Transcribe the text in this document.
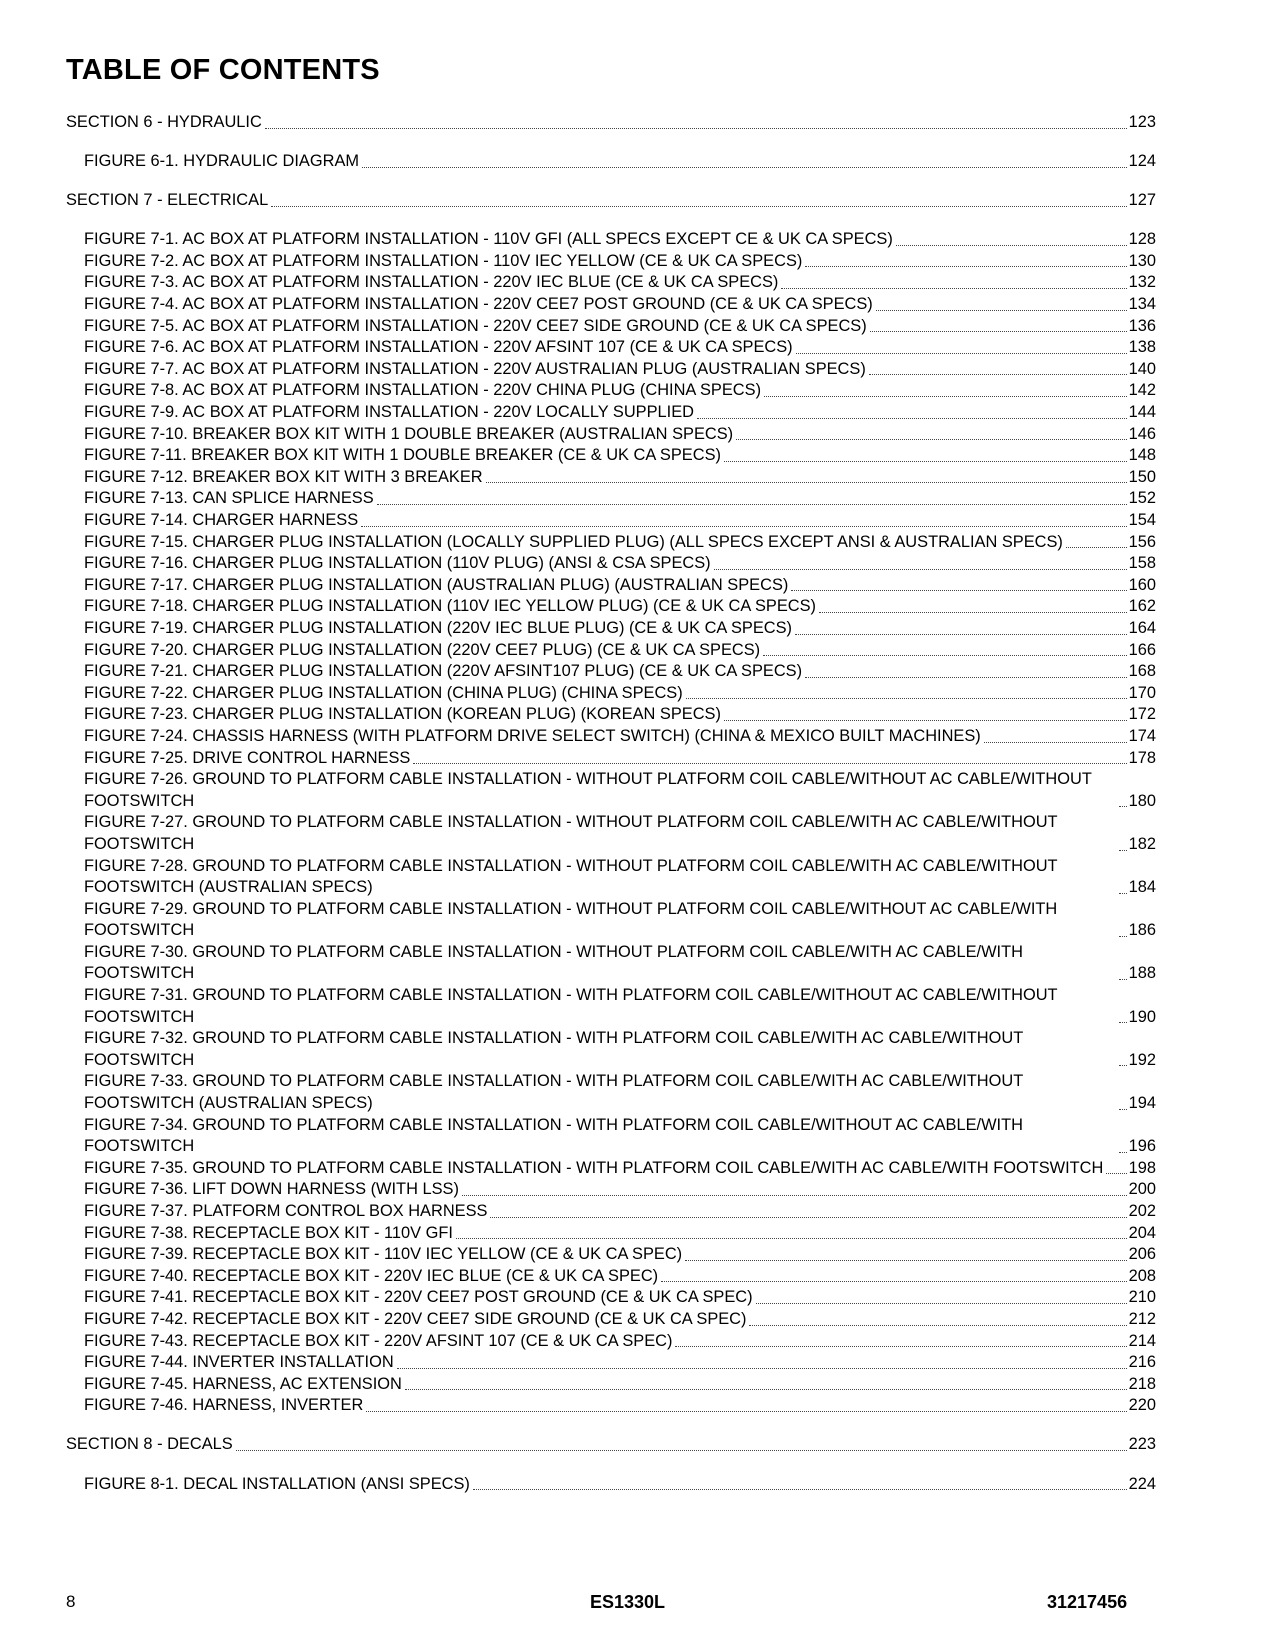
TABLE OF CONTENTS
SECTION 6 - HYDRAULIC	123
FIGURE 6-1. HYDRAULIC DIAGRAM	124
SECTION 7 - ELECTRICAL	127
FIGURE 7-1. AC BOX AT PLATFORM INSTALLATION - 110V GFI (ALL SPECS EXCEPT CE & UK CA SPECS)	128
FIGURE 7-2. AC BOX AT PLATFORM INSTALLATION - 110V IEC YELLOW (CE & UK CA SPECS)	130
FIGURE 7-3. AC BOX AT PLATFORM INSTALLATION - 220V IEC BLUE (CE & UK CA SPECS)	132
FIGURE 7-4. AC BOX AT PLATFORM INSTALLATION - 220V CEE7 POST GROUND (CE & UK CA SPECS)	134
FIGURE 7-5. AC BOX AT PLATFORM INSTALLATION - 220V CEE7 SIDE GROUND (CE & UK CA SPECS)	136
FIGURE 7-6. AC BOX AT PLATFORM INSTALLATION - 220V AFSINT 107 (CE & UK CA SPECS)	138
FIGURE 7-7. AC BOX AT PLATFORM INSTALLATION - 220V AUSTRALIAN PLUG (AUSTRALIAN SPECS)	140
FIGURE 7-8. AC BOX AT PLATFORM INSTALLATION - 220V CHINA PLUG (CHINA SPECS)	142
FIGURE 7-9. AC BOX AT PLATFORM INSTALLATION - 220V LOCALLY SUPPLIED	144
FIGURE 7-10. BREAKER BOX KIT WITH 1 DOUBLE BREAKER (AUSTRALIAN SPECS)	146
FIGURE 7-11. BREAKER BOX KIT WITH 1 DOUBLE BREAKER (CE & UK CA SPECS)	148
FIGURE 7-12. BREAKER BOX KIT WITH 3 BREAKER	150
FIGURE 7-13. CAN SPLICE HARNESS	152
FIGURE 7-14. CHARGER HARNESS	154
FIGURE 7-15. CHARGER PLUG INSTALLATION (LOCALLY SUPPLIED PLUG) (ALL SPECS EXCEPT ANSI & AUSTRALIAN SPECS)	156
FIGURE 7-16. CHARGER PLUG INSTALLATION (110V PLUG) (ANSI & CSA SPECS)	158
FIGURE 7-17. CHARGER PLUG INSTALLATION (AUSTRALIAN PLUG) (AUSTRALIAN SPECS)	160
FIGURE 7-18. CHARGER PLUG INSTALLATION (110V IEC YELLOW PLUG) (CE & UK CA SPECS)	162
FIGURE 7-19. CHARGER PLUG INSTALLATION (220V IEC BLUE PLUG) (CE & UK CA SPECS)	164
FIGURE 7-20. CHARGER PLUG INSTALLATION (220V CEE7 PLUG) (CE & UK CA SPECS)	166
FIGURE 7-21. CHARGER PLUG INSTALLATION (220V AFSINT107 PLUG) (CE & UK CA SPECS)	168
FIGURE 7-22. CHARGER PLUG INSTALLATION (CHINA PLUG) (CHINA SPECS)	170
FIGURE 7-23. CHARGER PLUG INSTALLATION (KOREAN PLUG) (KOREAN SPECS)	172
FIGURE 7-24. CHASSIS HARNESS (WITH PLATFORM DRIVE SELECT SWITCH) (CHINA & MEXICO BUILT MACHINES)	174
FIGURE 7-25. DRIVE CONTROL HARNESS	178
FIGURE 7-26. GROUND TO PLATFORM CABLE INSTALLATION - WITHOUT PLATFORM COIL CABLE/WITHOUT AC CABLE/WITHOUT FOOTSWITCH	180
FIGURE 7-27. GROUND TO PLATFORM CABLE INSTALLATION - WITHOUT PLATFORM COIL CABLE/WITH AC CABLE/WITHOUT FOOTSWITCH	182
FIGURE 7-28. GROUND TO PLATFORM CABLE INSTALLATION - WITHOUT PLATFORM COIL CABLE/WITH AC CABLE/WITHOUT FOOTSWITCH (AUSTRALIAN SPECS)	184
FIGURE 7-29. GROUND TO PLATFORM CABLE INSTALLATION - WITHOUT PLATFORM COIL CABLE/WITHOUT AC CABLE/WITH FOOTSWITCH	186
FIGURE 7-30. GROUND TO PLATFORM CABLE INSTALLATION - WITHOUT PLATFORM COIL CABLE/WITH AC CABLE/WITH FOOTSWITCH	188
FIGURE 7-31. GROUND TO PLATFORM CABLE INSTALLATION - WITH PLATFORM COIL CABLE/WITHOUT AC CABLE/WITHOUT FOOTSWITCH	190
FIGURE 7-32. GROUND TO PLATFORM CABLE INSTALLATION - WITH PLATFORM COIL CABLE/WITH AC CABLE/WITHOUT FOOTSWITCH	192
FIGURE 7-33. GROUND TO PLATFORM CABLE INSTALLATION - WITH PLATFORM COIL CABLE/WITH AC CABLE/WITHOUT FOOTSWITCH (AUSTRALIAN SPECS)	194
FIGURE 7-34. GROUND TO PLATFORM CABLE INSTALLATION - WITH PLATFORM COIL CABLE/WITHOUT AC CABLE/WITH FOOTSWITCH	196
FIGURE 7-35. GROUND TO PLATFORM CABLE INSTALLATION - WITH PLATFORM COIL CABLE/WITH AC CABLE/WITH FOOTSWITCH 198
FIGURE 7-36. LIFT DOWN HARNESS (WITH LSS)	200
FIGURE 7-37. PLATFORM CONTROL BOX HARNESS	202
FIGURE 7-38. RECEPTACLE BOX KIT - 110V GFI	204
FIGURE 7-39. RECEPTACLE BOX KIT - 110V IEC YELLOW (CE & UK CA SPEC)	206
FIGURE 7-40. RECEPTACLE BOX KIT - 220V IEC BLUE (CE & UK CA SPEC)	208
FIGURE 7-41. RECEPTACLE BOX KIT - 220V CEE7 POST GROUND (CE & UK CA SPEC)	210
FIGURE 7-42. RECEPTACLE BOX KIT - 220V CEE7 SIDE GROUND (CE & UK CA SPEC)	212
FIGURE 7-43. RECEPTACLE BOX KIT - 220V AFSINT 107 (CE & UK CA SPEC)	214
FIGURE 7-44. INVERTER INSTALLATION	216
FIGURE 7-45. HARNESS, AC EXTENSION	218
FIGURE 7-46. HARNESS, INVERTER	220
SECTION 8 - DECALS	223
FIGURE 8-1. DECAL INSTALLATION (ANSI SPECS)	224
8	ES1330L	31217456
